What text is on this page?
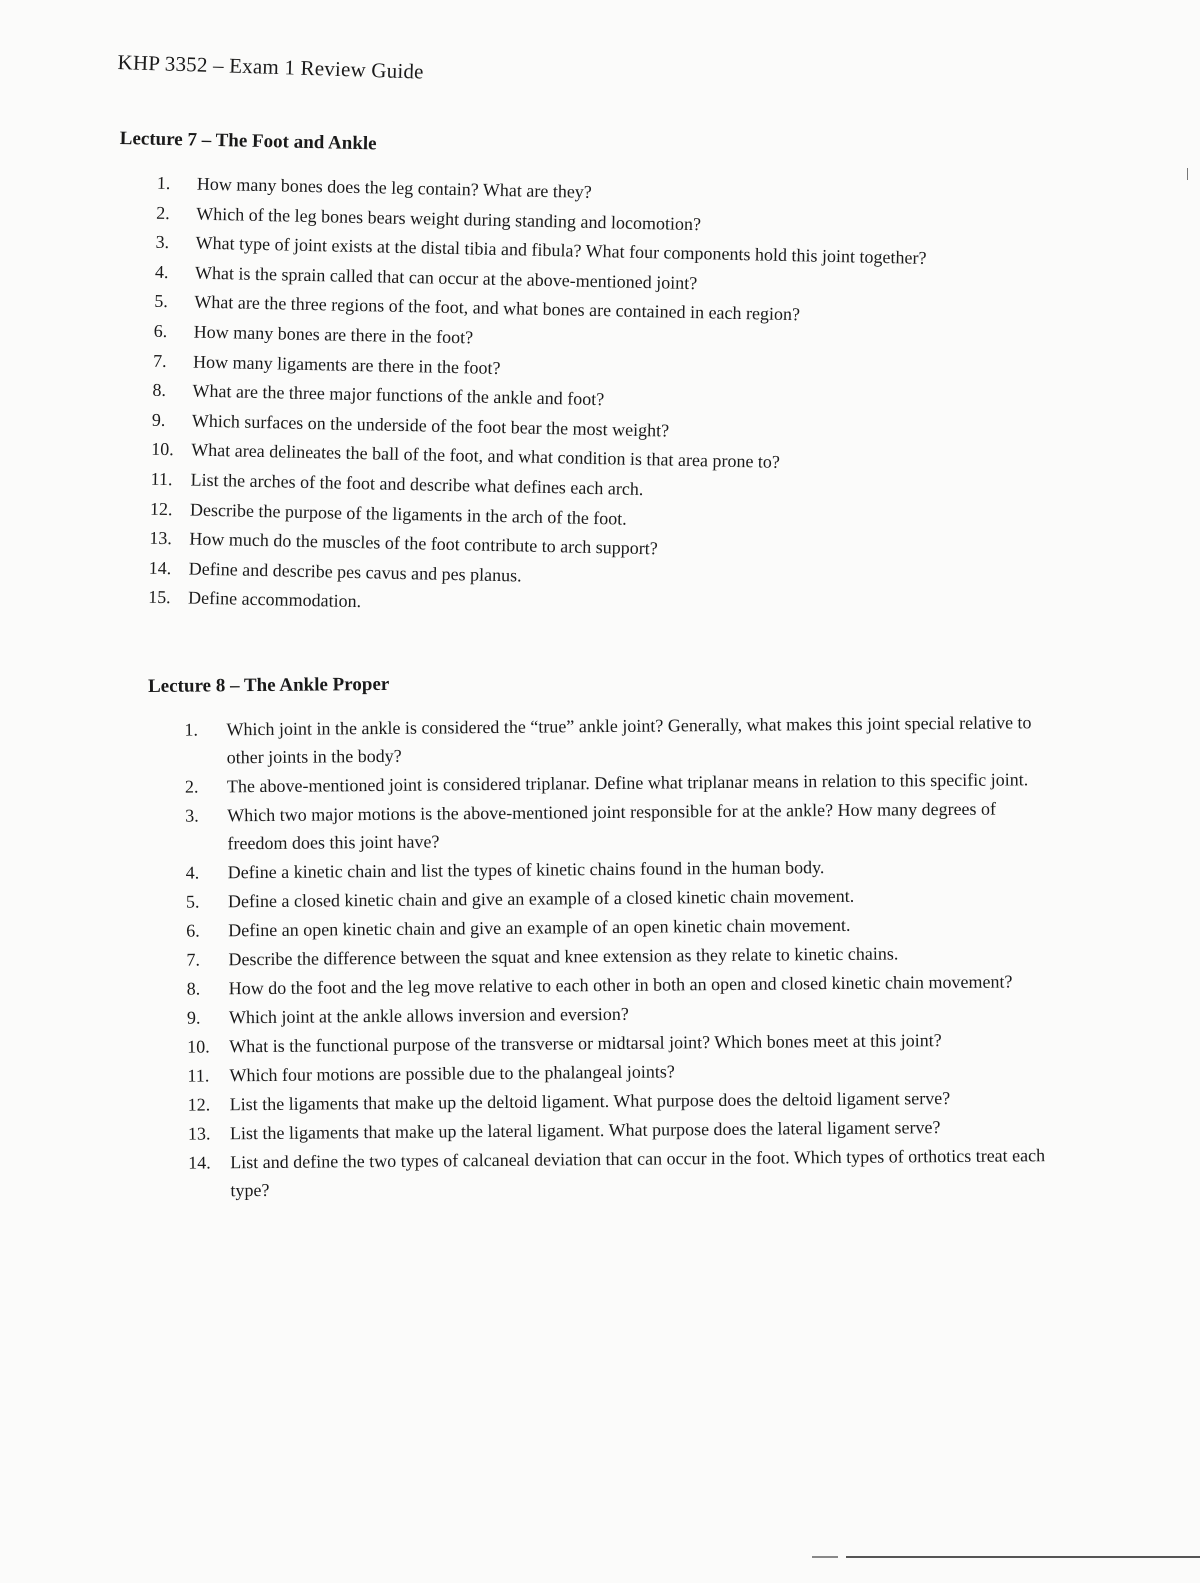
KHP 3352 – Exam 1 Review Guide
Lecture 7 – The Foot and Ankle
1.	How many bones does the leg contain? What are they?
2.	Which of the leg bones bears weight during standing and locomotion?
3.	What type of joint exists at the distal tibia and fibula? What four components hold this joint together?
4.	What is the sprain called that can occur at the above-mentioned joint?
5.	What are the three regions of the foot, and what bones are contained in each region?
6.	How many bones are there in the foot?
7.	How many ligaments are there in the foot?
8.	What are the three major functions of the ankle and foot?
9.	Which surfaces on the underside of the foot bear the most weight?
10. What area delineates the ball of the foot, and what condition is that area prone to?
11. List the arches of the foot and describe what defines each arch.
12. Describe the purpose of the ligaments in the arch of the foot.
13. How much do the muscles of the foot contribute to arch support?
14. Define and describe pes cavus and pes planus.
15. Define accommodation.
Lecture 8 – The Ankle Proper
1.	Which joint in the ankle is considered the “true” ankle joint? Generally, what makes this joint special relative to other joints in the body?
2.	The above-mentioned joint is considered triplanar. Define what triplanar means in relation to this specific joint.
3.	Which two major motions is the above-mentioned joint responsible for at the ankle? How many degrees of freedom does this joint have?
4.	Define a kinetic chain and list the types of kinetic chains found in the human body.
5.	Define a closed kinetic chain and give an example of a closed kinetic chain movement.
6.	Define an open kinetic chain and give an example of an open kinetic chain movement.
7.	Describe the difference between the squat and knee extension as they relate to kinetic chains.
8.	How do the foot and the leg move relative to each other in both an open and closed kinetic chain movement?
9.	Which joint at the ankle allows inversion and eversion?
10.	What is the functional purpose of the transverse or midtarsal joint? Which bones meet at this joint?
11.	Which four motions are possible due to the phalangeal joints?
12.	List the ligaments that make up the deltoid ligament. What purpose does the deltoid ligament serve?
13.	List the ligaments that make up the lateral ligament. What purpose does the lateral ligament serve?
14.	List and define the two types of calcaneal deviation that can occur in the foot. Which types of orthotics treat each type?
